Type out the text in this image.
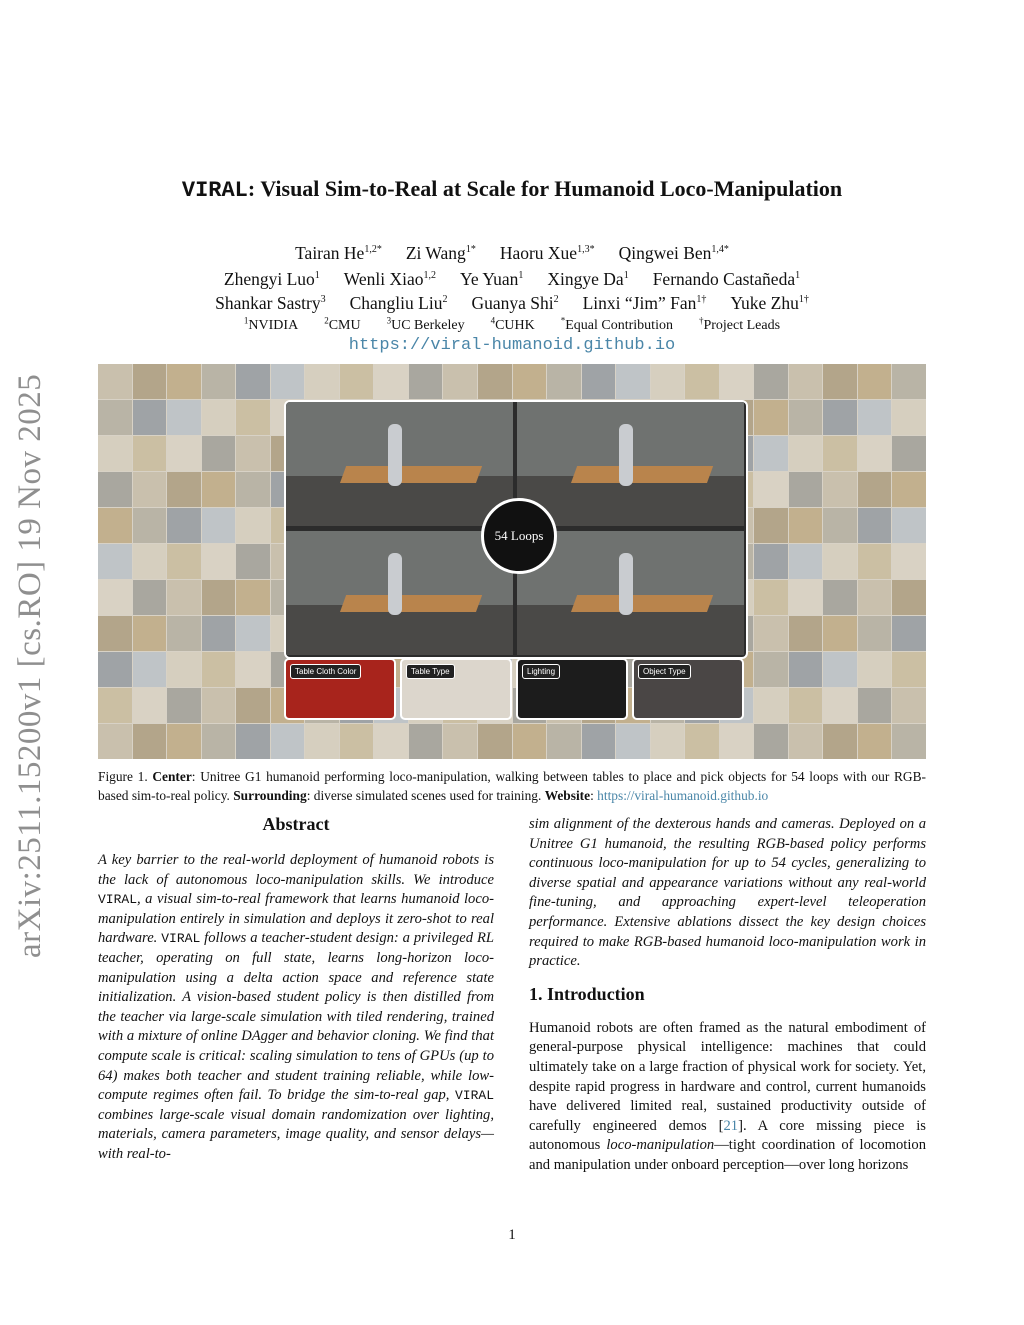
arXiv:2511.15200v1 [cs.RO] 19 Nov 2025
VIRAL: Visual Sim-to-Real at Scale for Humanoid Loco-Manipulation
Tairan $He^{1,2*}$ Zi Wang$^{1*}$ Haoru Xue$^{1,3*}$ Qingwei Ben$^{1,4*}$
Zhengyi Luo$^1$ Wenli Xiao$^{1,2}$ Ye Yuan$^1$ Xingye Da$^1$ Fernando Castañeda$^1$
Shankar Sastry$^3$ Changliu Liu$^2$ Guanya Shi$^2$ Linxi “Jim” Fan$^{1\dagger}$ Yuke Zhu$^{1\dagger}$
$^1$NVIDIA	$^2$CMU	$^3$UC Berkeley	$^4$CUHK	*Equal Contribution	†Project Leads
https://viral-humanoid.github.io
54 Loops
Table Cloth Color	Table Type	Lighting	Object Type
Figure 1. Center: Unitree G1 humanoid performing loco-manipulation, walking between tables to place and pick objects for 54 loops with our RGB-based sim-to-real policy. Surrounding: diverse simulated scenes used for training. Website: https://viral-humanoid.github.io
Abstract

A key barrier to the real-world deployment of humanoid robots is the lack of autonomous loco-manipulation skills. We introduce VIRAL, a visual sim-to-real framework that learns humanoid loco-manipulation entirely in simulation and deploys it zero-shot to real hardware. VIRAL follows a teacher-student design: a privileged RL teacher, operating on full state, learns long-horizon loco-manipulation using a delta action space and reference state initialization. A vision-based student policy is then distilled from the teacher via large-scale simulation with tiled rendering, trained with a mixture of online DAgger and behavior cloning. We find that compute scale is critical: scaling simulation to tens of GPUs (up to 64) makes both teacher and student training reliable, while low-compute regimes often fail. To bridge the sim-to-real gap, VIRAL combines large-scale visual domain randomization over lighting, materials, camera parameters, image quality, and sensor delays—with real-to-

sim alignment of the dexterous hands and cameras. Deployed on a Unitree G1 humanoid, the resulting RGB-based policy performs continuous loco-manipulation for up to 54 cycles, generalizing to diverse spatial and appearance variations without any real-world fine-tuning, and approaching expert-level teleoperation performance. Extensive ablations dissect the key design choices required to make RGB-based humanoid loco-manipulation work in practice.

1. Introduction

Humanoid robots are often framed as the natural embodiment of general-purpose physical intelligence: machines that could ultimately take on a large fraction of physical work for society. Yet, despite rapid progress in hardware and control, current humanoids have delivered limited real, sustained productivity outside of carefully engineered demos [21]. A core missing piece is autonomous loco-manipulation—tight coordination of locomotion and manipulation under onboard perception—over long horizons

1
